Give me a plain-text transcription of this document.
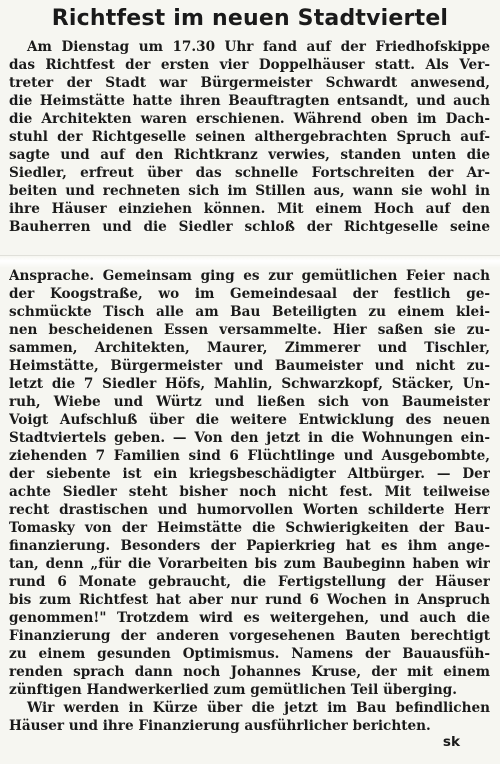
Richtfest im neuen Stadtviertel
Am Dienstag um 17.30 Uhr fand auf der Friedhofskippe
das Richtfest der ersten vier Doppelhäuser statt. Als Ver-
treter der Stadt war Bürgermeister Schwardt anwesend,
die Heimstätte hatte ihren Beauftragten entsandt, und auch
die Architekten waren erschienen. Während oben im Dach-
stuhl der Richtgeselle seinen althergebrachten Spruch auf-
sagte und auf den Richtkranz verwies, standen unten die
Siedler, erfreut über das schnelle Fortschreiten der Ar-
beiten und rechneten sich im Stillen aus, wann sie wohl in
ihre Häuser einziehen können. Mit einem Hoch auf den
Bauherren und die Siedler schloß der Richtgeselle seine
Ansprache. Gemeinsam ging es zur gemütlichen Feier nach
der Koogstraße, wo im Gemeindesaal der festlich ge-
schmückte Tisch alle am Bau Beteiligten zu einem klei-
nen bescheidenen Essen versammelte. Hier saßen sie zu-
sammen, Architekten, Maurer, Zimmerer und Tischler,
Heimstätte, Bürgermeister und Baumeister und nicht zu-
letzt die 7 Siedler Höfs, Mahlin, Schwarzkopf, Stäcker, Un-
ruh, Wiebe und Würtz und ließen sich von Baumeister
Voigt Aufschluß über die weitere Entwicklung des neuen
Stadtviertels geben. — Von den jetzt in die Wohnungen ein-
ziehenden 7 Familien sind 6 Flüchtlinge und Ausgebombte,
der siebente ist ein kriegsbeschädigter Altbürger. — Der
achte Siedler steht bisher noch nicht fest. Mit teilweise
recht drastischen und humorvollen Worten schilderte Herr
Tomasky von der Heimstätte die Schwierigkeiten der Bau-
finanzierung. Besonders der Papierkrieg hat es ihm ange-
tan, denn „für die Vorarbeiten bis zum Baubeginn haben wir
rund 6 Monate gebraucht, die Fertigstellung der Häuser
bis zum Richtfest hat aber nur rund 6 Wochen in Anspruch
genommen!" Trotzdem wird es weitergehen, und auch die
Finanzierung der anderen vorgesehenen Bauten berechtigt
zu einem gesunden Optimismus. Namens der Bauausfüh-
renden sprach dann noch Johannes Kruse, der mit einem
zünftigen Handwerkerlied zum gemütlichen Teil überging.
Wir werden in Kürze über die jetzt im Bau befindlichen
Häuser und ihre Finanzierung ausführlicher berichten.
sk
